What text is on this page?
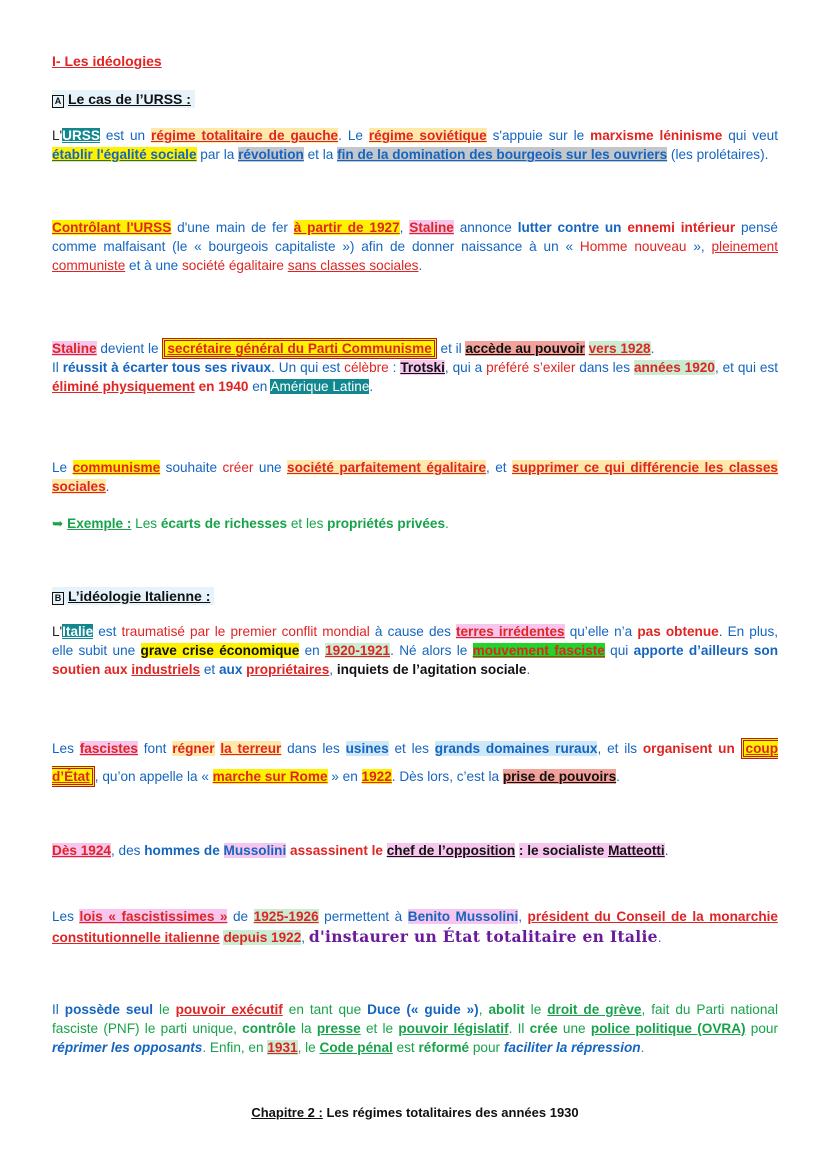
I- Les idéologies
A Le cas de l’URSS :
L'URSS est un régime totalitaire de gauche. Le régime soviétique s'appuie sur le marxisme léninisme qui veut établir l'égalité sociale par la révolution et la fin de la domination des bourgeois sur les ouvriers (les prolétaires).
Contrôlant l'URSS d'une main de fer à partir de 1927, Staline annonce lutter contre un ennemi intérieur pensé comme malfaisant (le « bourgeois capitaliste ») afin de donner naissance à un « Homme nouveau », pleinement communiste et à une société égalitaire sans classes sociales.
Staline devient le secrétaire général du Parti Communisme et il accède au pouvoir vers 1928.
Il réussit à écarter tous ses rivaux. Un qui est célèbre : Trotski, qui a préféré s’exiler dans les années 1920, et qui est éliminé physiquement en 1940 en Amérique Latine.
Le communisme souhaite créer une société parfaitement égalitaire, et supprimer ce qui différencie les classes sociales.
➥ Exemple : Les écarts de richesses et les propriétés privées.
B L’idéologie Italienne :
L'Italie est traumatisé par le premier conflit mondial à cause des terres irrédentes qu’elle n’a pas obtenue. En plus, elle subit une grave crise économique en 1920-1921. Né alors le mouvement fasciste qui apporte d’ailleurs son soutien aux industriels et aux propriétaires, inquiets de l’agitation sociale.
Les fascistes font régner la terreur dans les usines et les grands domaines ruraux, et ils organisent un coup d’État , qu’on appelle la « marche sur Rome » en 1922. Dès lors, c’est la prise de pouvoirs.
Dès 1924, des hommes de Mussolini assassinent le chef de l’opposition : le socialiste Matteotti.
Les lois « fascistissimes » de 1925-1926 permettent à Benito Mussolini, président du Conseil de la monarchie constitutionnelle italienne depuis 1922, d'instaurer un État totalitaire en Italie.
Il possède seul le pouvoir exécutif en tant que Duce (« guide »), abolit le droit de grève, fait du Parti national fasciste (PNF) le parti unique, contrôle la presse et le pouvoir législatif. Il crée une police politique (OVRA) pour réprimer les opposants. Enfin, en 1931, le Code pénal est réformé pour faciliter la répression.
Chapitre 2 : Les régimes totalitaires des années 1930
